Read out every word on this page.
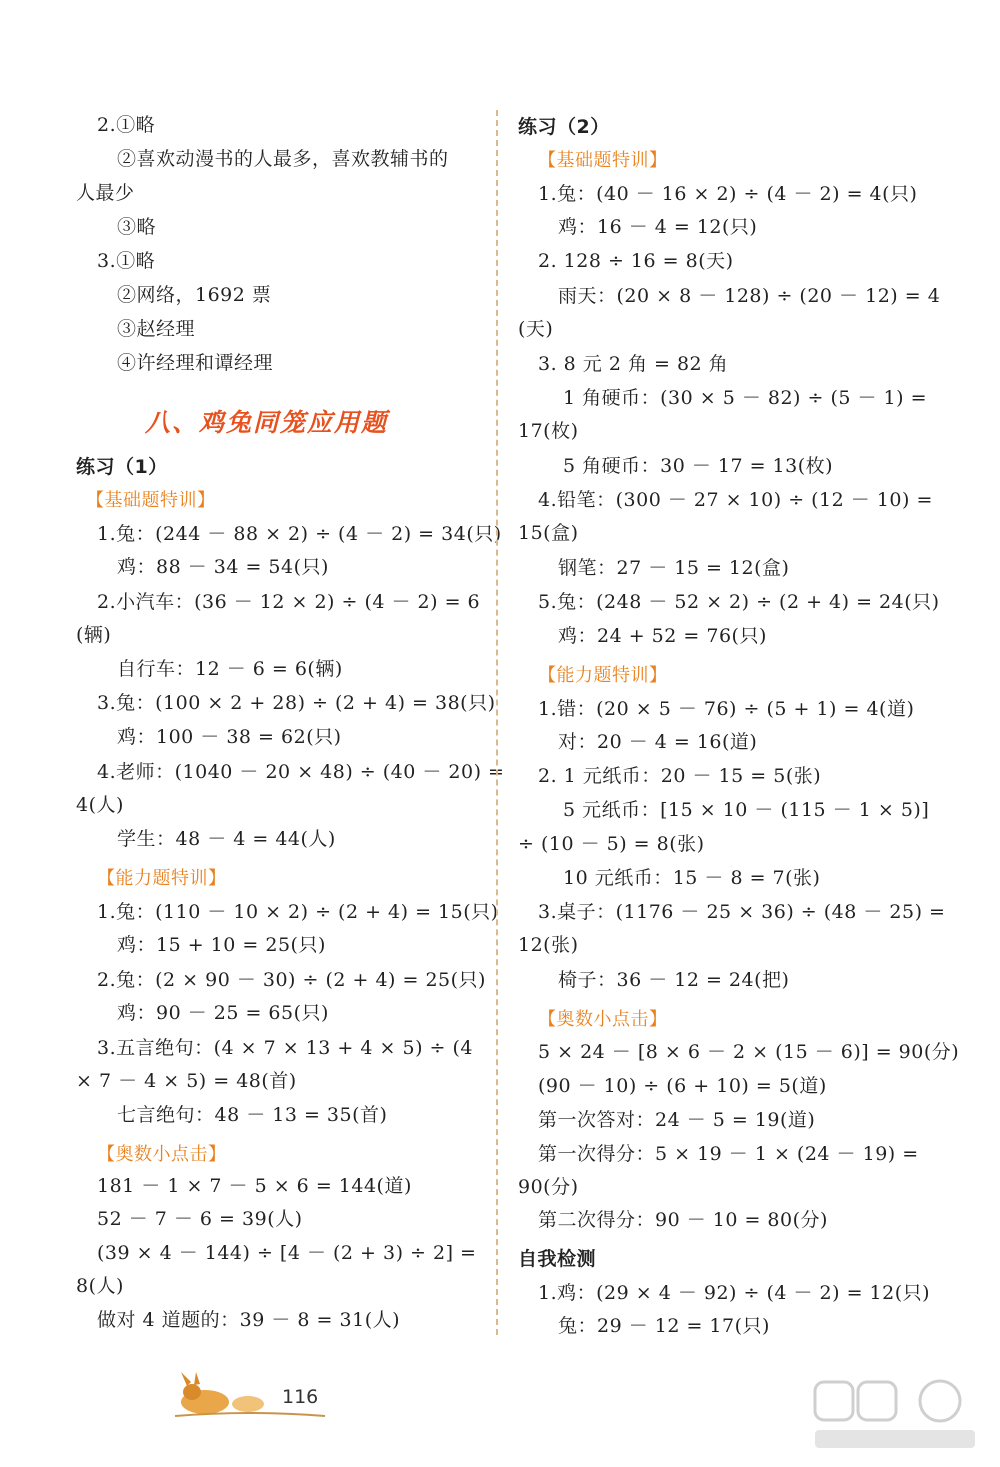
2.①略
②喜欢动漫书的人最多，喜欢教辅书的
人最少
③略
3.①略
②网络，1692 票
③赵经理
④许经理和谭经理
八、鸡兔同笼应用题
练习（1）
【基础题特训】
1.兔：(244 － 88 × 2) ÷ (4 － 2) = 34(只)
鸡：88 － 34 = 54(只)
2.小汽车：(36 － 12 × 2) ÷ (4 － 2) = 6
(辆)
自行车：12 － 6 = 6(辆)
3.兔：(100 × 2 + 28) ÷ (2 + 4) = 38(只)
鸡：100 － 38 = 62(只)
4.老师：(1040 － 20 × 48) ÷ (40 － 20) =
4(人)
学生：48 － 4 = 44(人)
【能力题特训】
1.兔：(110 － 10 × 2) ÷ (2 + 4) = 15(只)
鸡：15 + 10 = 25(只)
2.兔：(2 × 90 － 30) ÷ (2 + 4) = 25(只)
鸡：90 － 25 = 65(只)
3.五言绝句：(4 × 7 × 13 + 4 × 5) ÷ (4
× 7 － 4 × 5) = 48(首)
七言绝句：48 － 13 = 35(首)
【奥数小点击】
181 － 1 × 7 － 5 × 6 = 144(道)
52 － 7 － 6 = 39(人)
(39 × 4 － 144) ÷ [4 － (2 + 3) ÷ 2] =
8(人)
做对 4 道题的：39 － 8 = 31(人)
练习（2）
【基础题特训】
1.兔：(40 － 16 × 2) ÷ (4 － 2) = 4(只)
鸡：16 － 4 = 12(只)
2. 128 ÷ 16 = 8(天)
雨天：(20 × 8 － 128) ÷ (20 － 12) = 4
(天)
3. 8 元 2 角 = 82 角
1 角硬币：(30 × 5 － 82) ÷ (5 － 1) =
17(枚)
5 角硬币：30 － 17 = 13(枚)
4.铅笔：(300 － 27 × 10) ÷ (12 － 10) =
15(盒)
钢笔：27 － 15 = 12(盒)
5.兔：(248 － 52 × 2) ÷ (2 + 4) = 24(只)
鸡：24 + 52 = 76(只)
【能力题特训】
1.错：(20 × 5 － 76) ÷ (5 + 1) = 4(道)
对：20 － 4 = 16(道)
2. 1 元纸币：20 － 15 = 5(张)
5 元纸币：[15 × 10 － (115 － 1 × 5)]
÷ (10 － 5) = 8(张)
10 元纸币：15 － 8 = 7(张)
3.桌子：(1176 － 25 × 36) ÷ (48 － 25) =
12(张)
椅子：36 － 12 = 24(把)
【奥数小点击】
5 × 24 － [8 × 6 － 2 × (15 － 6)] = 90(分)
(90 － 10) ÷ (6 + 10) = 5(道)
第一次答对：24 － 5 = 19(道)
第一次得分：5 × 19 － 1 × (24 － 19) =
90(分)
第二次得分：90 － 10 = 80(分)
自我检测
1.鸡：(29 × 4 － 92) ÷ (4 － 2) = 12(只)
兔：29 － 12 = 17(只)
116
